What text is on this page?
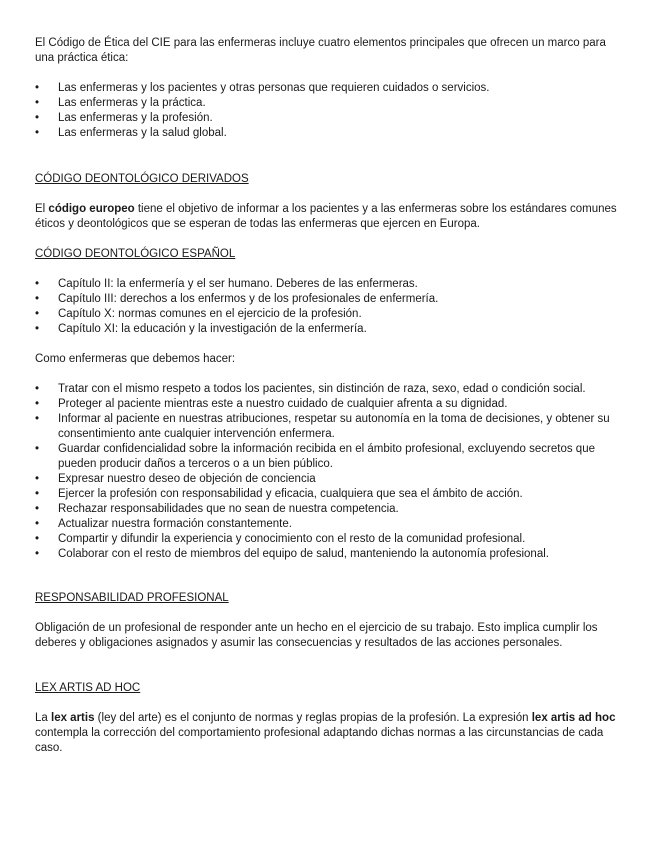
El Código de Ética del CIE para las enfermeras incluye cuatro elementos principales que ofrecen un marco para una práctica ética:

• Las enfermeras y los pacientes y otras personas que requieren cuidados o servicios.
• Las enfermeras y la práctica.
• Las enfermeras y la profesión.
• Las enfermeras y la salud global.

CÓDIGO DEONTOLÓGICO DERIVADOS

El código europeo tiene el objetivo de informar a los pacientes y a las enfermeras sobre los estándares comunes éticos y deontológicos que se esperan de todas las enfermeras que ejercen en Europa.

CÓDIGO DEONTOLÓGICO ESPAÑOL

• Capítulo II: la enfermería y el ser humano. Deberes de las enfermeras.
• Capítulo III: derechos a los enfermos y de los profesionales de enfermería.
• Capítulo X: normas comunes en el ejercicio de la profesión.
• Capítulo XI: la educación y la investigación de la enfermería.

Como enfermeras que debemos hacer:

• Tratar con el mismo respeto a todos los pacientes, sin distinción de raza, sexo, edad o condición social.
• Proteger al paciente mientras este a nuestro cuidado de cualquier afrenta a su dignidad.
• Informar al paciente en nuestras atribuciones, respetar su autonomía en la toma de decisiones, y obtener su consentimiento ante cualquier intervención enfermera.
• Guardar confidencialidad sobre la información recibida en el ámbito profesional, excluyendo secretos que pueden producir daños a terceros o a un bien público.
• Expresar nuestro deseo de objeción de conciencia
• Ejercer la profesión con responsabilidad y eficacia, cualquiera que sea el ámbito de acción.
• Rechazar responsabilidades que no sean de nuestra competencia.
• Actualizar nuestra formación constantemente.
• Compartir y difundir la experiencia y conocimiento con el resto de la comunidad profesional.
• Colaborar con el resto de miembros del equipo de salud, manteniendo la autonomía profesional.

RESPONSABILIDAD PROFESIONAL

Obligación de un profesional de responder ante un hecho en el ejercicio de su trabajo. Esto implica cumplir los deberes y obligaciones asignados y asumir las consecuencias y resultados de las acciones personales.

LEX ARTIS AD HOC

La lex artis (ley del arte) es el conjunto de normas y reglas propias de la profesión. La expresión lex artis ad hoc contempla la corrección del comportamiento profesional adaptando dichas normas a las circunstancias de cada caso.
